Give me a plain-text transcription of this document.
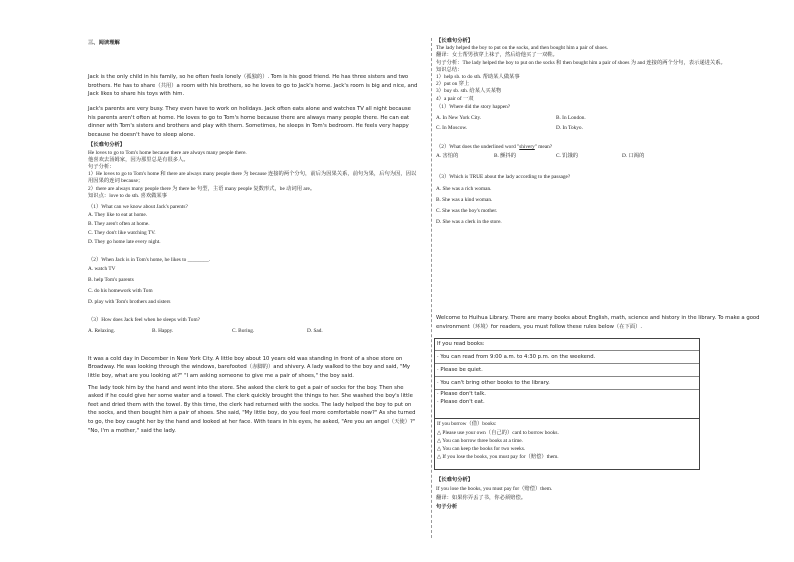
三、阅读理解
Jack is the only child in his family, so he often feels lonely（孤独的）. Tom is his good friend. He has three sisters and two brothers. He has to share（共用）a room with his brothers, so he loves to go to Jack's home. Jack's room is big and nice, and Jack likes to share his toys with him.
Jack's parents are very busy. They even have to work on holidays. Jack often eats alone and watches TV all night because his parents aren't often at home. He loves to go to Tom's home because there are always many people there. He can eat dinner with Tom's sisters and brothers and play with them. Sometimes, he sleeps in Tom's bedroom. He feels very happy because he doesn't have to sleep alone.
【长难句分析】
He loves to go to Tom's home because there are always many people there.
他喜欢去汤姆家，因为那里总是有很多人。
句子分析：
1）He loves to go to Tom's home 和 there are always many people there 为 because 连接的两个分句，前后为因果关系，前句为果，后句为因，因以用因果的连词 because；
2）there are always many people there 为 there be 句型，主语 many people 复数形式，be 动词用 are。
知识点：love to do sth. 喜欢做某事
（1）What can we know about Jack's parents?
A. They like to eat at home.
B. They aren't often at home.
C. They don't like watching TV.
D. They go home late every night.
（2）When Jack is in Tom's home, he likes to ________.
A. watch TV
B. help Tom's parents
C. do his homework with Tom
D. play with Tom's brothers and sisters
（3）How does Jack feel when he sleeps with Tom?
A. Relaxing.	B. Happy.	C. Boring.	D. Sad.
It was a cold day in December in New York City. A little boy about 10 years old was standing in front of a shoe store on Broadway. He was looking through the windows, barefooted（赤脚的）and shivery. A lady walked to the boy and said, "My little boy, what are you looking at?" "I am asking someone to give me a pair of shoes," the boy said.
The lady took him by the hand and went into the store. She asked the clerk to get a pair of socks for the boy. Then she asked if he could give her some water and a towel. The clerk quickly brought the things to her. She washed the boy's little feet and dried them with the towel. By this time, the clerk had returned with the socks. The lady helped the boy to put on the socks, and then bought him a pair of shoes. She said, "My little boy, do you feel more comfortable now?" As she turned to go, the boy caught her by the hand and looked at her face. With tears in his eyes, he asked, "Are you an angel（天使）?" "No, I'm a mother," said the lady.
【长难句分析】
The lady helped the boy to put on the socks, and then bought him a pair of shoes.
翻译：女士帮男孩穿上袜子，然后给他买了一双鞋。
句子分析：The lady helped the boy to put on the socks 和 then bought him a pair of shoes 为 and 连接的两个分句，表示递进关系。
知识总结：
1）help sb. to do sth. 帮助某人做某事
2）put on 穿上
3）buy sb. sth. 给某人买某物
4）a pair of 一双
（1）Where did the story happen?
A. In New York City.	B. In London.
C. In Moscow.	D. In Tokyo.
（2）What does the underlined word "shivery" mean?
A. 害怕的	B. 颤抖的	C. 饥饿的	D. 口渴的
（3）Which is TRUE about the lady according to the passage?
A. She was a rich woman.
B. She was a kind woman.
C. She was the boy's mother.
D. She was a clerk in the store.
Welcome to Huihua Library. There are many books about English, math, science and history in the library. To make a good environment（环境）for readers, you must follow these rules below（在下面）.
If you read books:
· You can read from 9:00 a.m. to 4:30 p.m. on the weekend.
· Please be quiet.
· You can't bring other books to the library.
· Please don't talk.
· Please don't eat.
If you borrow（借）books:
△ Please use your own（自己的）card to borrow books.
△ You can borrow three books at a time.
△ You can keep the books for two weeks.
△ If you lose the books, you must pay for（赔偿）them.
【长难句分析】
If you lose the books, you must pay for（赔偿）them.
翻译：如果你弄丢了书，你必须赔偿。
句子分析
